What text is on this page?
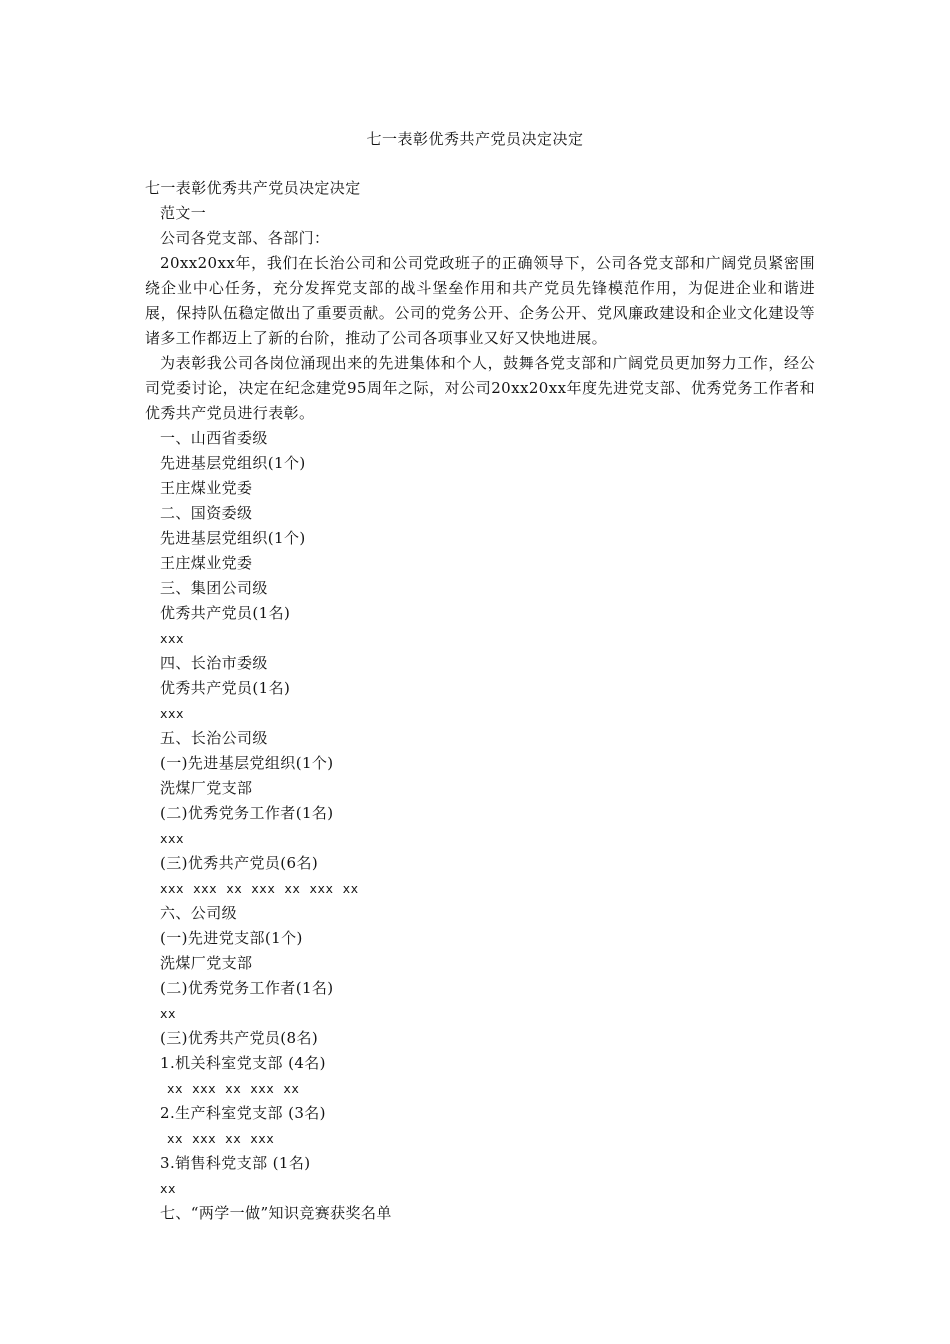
七一表彰优秀共产党员决定决定
七一表彰优秀共产党员决定决定
范文一
公司各党支部、各部门：
20xx20xx年，我们在长治公司和公司党政班子的正确领导下，公司各党支部和广阔党员紧密围绕企业中心任务，充分发挥党支部的战斗堡垒作用和共产党员先锋模范作用，为促进企业和谐进展，保持队伍稳定做出了重要贡献。公司的党务公开、企务公开、党风廉政建设和企业文化建设等诸多工作都迈上了新的台阶，推动了公司各项事业又好又快地进展。
为表彰我公司各岗位涌现出来的先进集体和个人，鼓舞各党支部和广阔党员更加努力工作，经公司党委讨论，决定在纪念建党95周年之际，对公司20xx20xx年度先进党支部、优秀党务工作者和优秀共产党员进行表彰。
一、山西省委级
先进基层党组织(1个)
王庄煤业党委
二、国资委级
先进基层党组织(1个)
王庄煤业党委
三、集团公司级
优秀共产党员(1名)
xxx
四、长治市委级
优秀共产党员(1名)
xxx
五、长治公司级
(一)先进基层党组织(1个)
洗煤厂党支部
(二)优秀党务工作者(1名)
xxx
(三)优秀共产党员(6名)
xxx xxx xx xxx xx xxx xx
六、公司级
(一)先进党支部(1个)
洗煤厂党支部
(二)优秀党务工作者(1名)
xx
(三)优秀共产党员(8名)
1.机关科室党支部 (4名)
xx xxx xx xxx xx
2.生产科室党支部 (3名)
xx xxx xx xxx
3.销售科党支部 (1名)
xx
七、“两学一做”知识竞赛获奖名单
